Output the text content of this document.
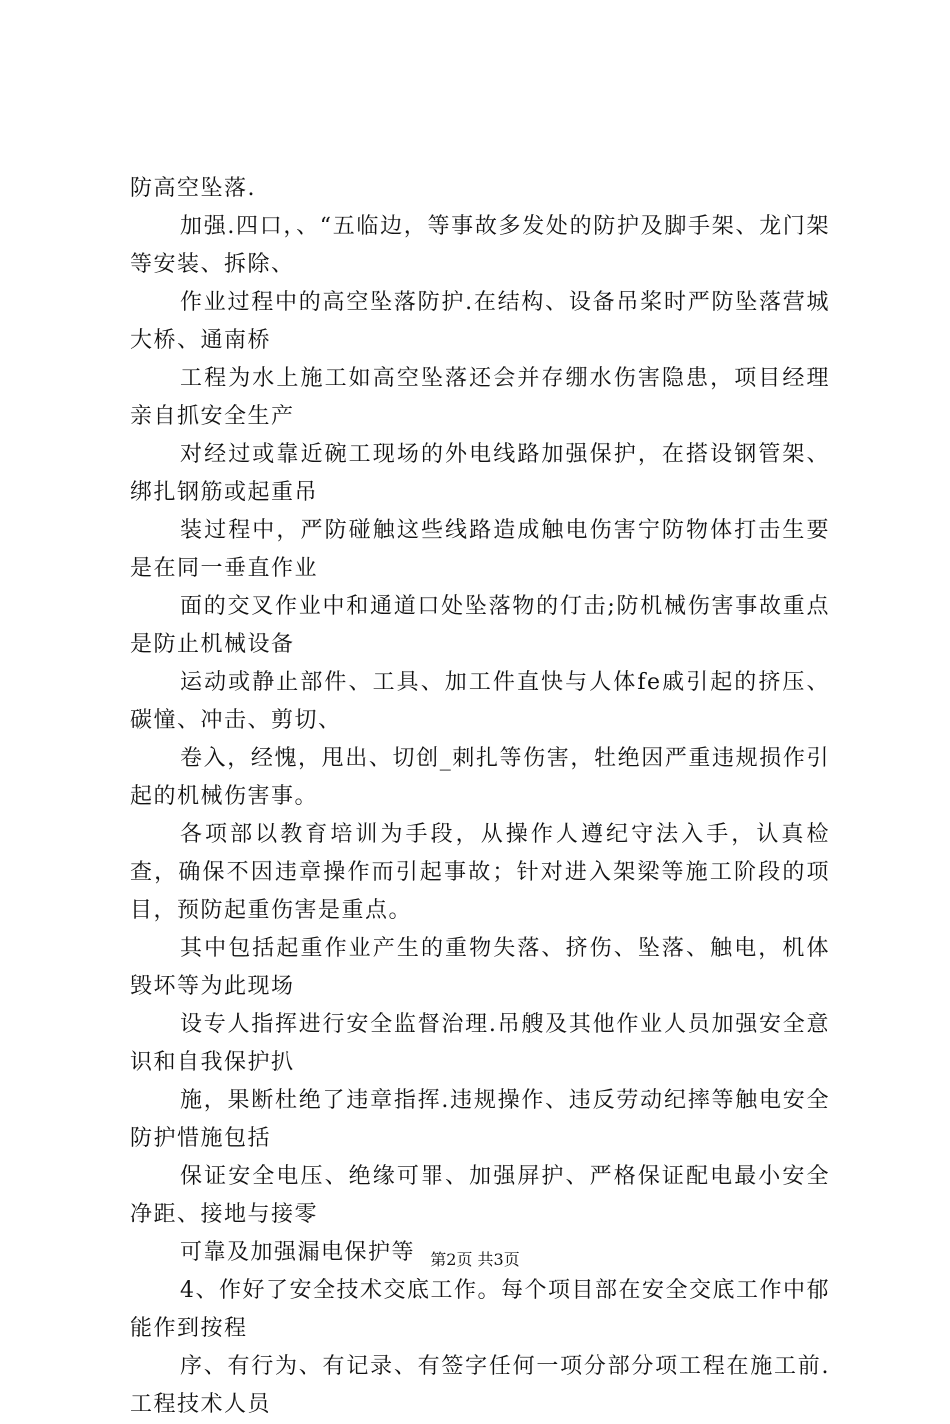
防高空坠落.

加强.四口，、“五临边，等事故多发处的防护及脚手架、龙门架等安装、拆除、

作业过程中的高空坠落防护.在结构、设备吊桨时严防坠落营城大桥、通南桥

工程为水上施工如高空坠落还会并存绷水伤害隐患，项目经理亲自抓安全生产

对经过或靠近碗工现场的外电线路加强保护，在搭设钢管架、绑扎钢筋或起重吊

装过程中，严防碰触这些线路造成触电伤害宁防物体打击生要是在同一垂直作业

面的交叉作业中和通道口处坠落物的仃击;防机械伤害事故重点是防止机械设备

运动或静止部件、工具、加工件直快与人体fe戚引起的挤压、碳憧、冲击、剪切、

卷入，经愧，甩出、切创_刺扎等伤害，牡绝因严重违规损作引起的机械伤害事。

各项部以教育培训为手段，从操作人遵纪守法入手，认真检查，确保不因违章操作而引起事故；针对进入架梁等施工阶段的项目，预防起重伤害是重点。

其中包括起重作业产生的重物失落、挤伤、坠落、触电，机体毁坏等为此现场

设专人指挥进行安全监督治理.吊艘及其他作业人员加强安全意识和自我保护扒

施，果断杜绝了违章指挥.违规操作、违反劳动纪摔等触电安全防护惜施包括

保证安全电压、绝缘可罪、加强屏护、严格保证配电最小安全净距、接地与接零

可靠及加强漏电保护等

4、作好了安全技术交底工作。每个项目部在安全交底工作中郁能作到按程

序、有行为、有记录、有签字任何一项分部分项工程在施工前.工程技术人员

第2页 共3页
